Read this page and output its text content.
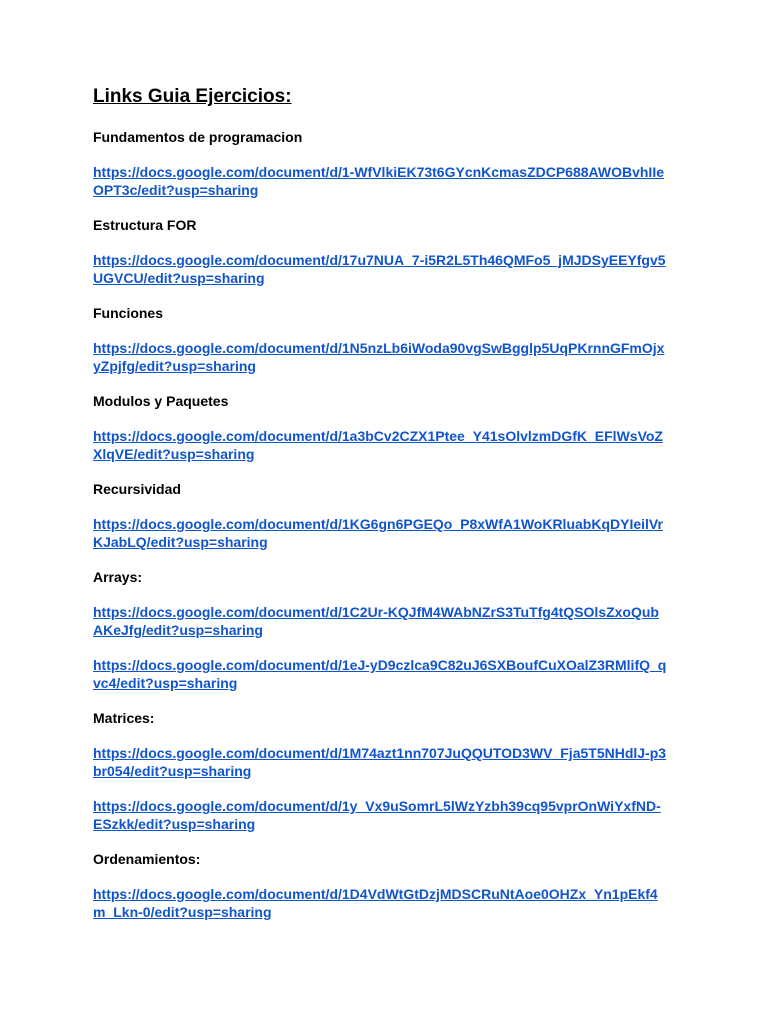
Links Guia Ejercicios:
Fundamentos de programacion
https://docs.google.com/document/d/1-WfVlkiEK73t6GYcnKcmasZDCP688AWOBvhIIe
OPT3c/edit?usp=sharing
Estructura FOR
https://docs.google.com/document/d/17u7NUA_7-i5R2L5Th46QMFo5_jMJDSyEEYfgv5
UGVCU/edit?usp=sharing
Funciones
https://docs.google.com/document/d/1N5nzLb6iWoda90vgSwBgglp5UqPKrnnGFmOjx
yZpjfg/edit?usp=sharing
Modulos y Paquetes
https://docs.google.com/document/d/1a3bCv2CZX1Ptee_Y41sOlvlzmDGfK_EFlWsVoZ
XlqVE/edit?usp=sharing
Recursividad
https://docs.google.com/document/d/1KG6gn6PGEQo_P8xWfA1WoKRluabKqDYIeilVr
KJabLQ/edit?usp=sharing
Arrays:
https://docs.google.com/document/d/1C2Ur-KQJfM4WAbNZrS3TuTfg4tQSOlsZxoQub
AKeJfg/edit?usp=sharing
https://docs.google.com/document/d/1eJ-yD9czlca9C82uJ6SXBoufCuXOalZ3RMlifQ_q
vc4/edit?usp=sharing
Matrices:
https://docs.google.com/document/d/1M74azt1nn707JuQQUTOD3WV_Fja5T5NHdlJ-p3
br054/edit?usp=sharing
https://docs.google.com/document/d/1y_Vx9uSomrL5lWzYzbh39cq95vprOnWiYxfND-
ESzkk/edit?usp=sharing
Ordenamientos:
https://docs.google.com/document/d/1D4VdWtGtDzjMDSCRuNtAoe0OHZx_Yn1pEkf4
m_Lkn-0/edit?usp=sharing
